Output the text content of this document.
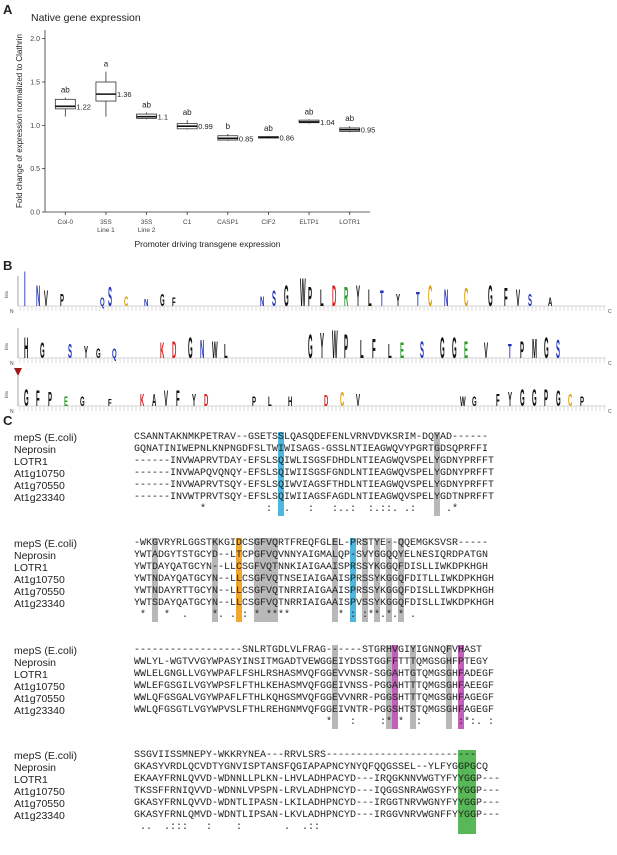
A
Native gene expression
Fold change of expression normalized to Clathrin
0.0
0.5
1.0
1.5
2.0
1.22
ab
Col-0
1.36
a
35S
Line 1
1.1
ab
35S
Line 2
0.99
ab
C1
0.85
b
CASP1
0.86
ab
CIF2
1.04
ab
ELTP1
0.95
ab
LOTR1
Promoter driving transgene expression
B
bits
N	C
I N V P	Q S C N G F	N S G W P L D R Y L T Y T C N C G F V S A
bits
N	C
H G S Y G Q	K D G N W L	G Y W P L F L E S G G E V T P M G S
bits
N	C
G F P E G F	K A V F Y D	P L H	D C V	W G F Y G G P G C P
C
mepS (E.coli)	CSANNTAKNMKPETRAV--GSETSSLQASQDEFENLVRNVDVKSRIM-DQYAD------
Neprosin	GQNATINIWEPNLKNPNGDFSLTWIWISAGS-GSSLNTIEAGWQVYPGRTGDSQPRFFI
LOTR1	------INVWAPRVTDAY-EFSLSQIWLISGSFDHDLNTIEAGWQVSPELYGDNYPRFFT
At1g10750	------INVWAPQVQNQY-EFSLSQIWIISGSFGNDLNTIEAGWQVSPELYGDNYPRFFT
At1g70550	------INVWAPRVTSQY-EFSLSQIWVIAGSFTHDLNTIEAGWQVSPELYGDNYPRFFT
At1g23340	------INVWTPRVTSQY-EFSLSQIWIIAGSFAGDLNTIEAGWQVSPELYGDTNPRFFT
*          :  .   :   :..:  :.::. .:     .*
mepS (E.coli)	-WKGVRYRLGGSTKKGIDCSGFVQRTFREQFGLEL-PRSTYE--QQEMGKSVSR-----
Neprosin	YWTADGYTSTGCYD--LTCPGFVQVNNYAIGMALQP-SVYGGQQYELNESIQRDPATGN
LOTR1	YWTDAYQATGCYN--LLCSGFVQTNNKIAIGAAISPRSSYKGGQFDISLLIWKDPKHGH
At1g10750	YWTNDAYQATGCYN--LLCSGFVQTNSEIAIGAAISPRSSYKGGQFDITLLIWKDPKHGH
At1g70550	YWTNDAYRTTGCYN--LLCSGFVQTNRRIAIGAAISPRSSYKGGQFDISLLIWKDPKHGH
At1g23340	YWTSDAYQATGCYN--LLCSGFVQTNRRIAIGAAISPVSSYKGGQFDISLLIWKDPKHGH
*   *  .    *. . : * ****        * : :**.*.* .
mepS (E.coli)	------------------SNLRTGDLVLFRAG------STGRHVGIYIGNNQFVHAST
Neprosin	WWLYL-WGTVVGYWPASYINSITMGADTVEWGGEIYDSSTGGFFTTTQMGSGHFPTEGY
LOTR1	WWLELGNGLLVGYWPAFLFSHLRSHASMVQFGGEVVNSR-SGGAHTGTQMGSGHFADEGF
At1g10750	WWLEFGSGILVGYWPSFLFTHLKEHASMVQFGGEIVNSS-PGGAHTTTQMGSGHFAEEGF
At1g70550	WWLQFGSGALVGYWPAFLFTHLKQHGSMVQFGGEVVNRR-PGGSHTTTQMGSGHFAGEGF
At1g23340	WWLQFGSGTLVGYWPVSLFTHLREHGNMVQFGGEIVNTR-PGGSHTSTQMGSGHFAGEGF
*   :    :* *  :      :*:. :
mepS (E.coli)	SSGVIISSMNEPY-WKKRYNEA---RRVLSRS-------------------------
Neprosin	GKASYVRDLQCVDTYGNVISPTANSFQGIAPAPNCYNYQFQQGSSEL--YLFYGGPGCQ
LOTR1	EKAAYFRNLQVVD-WDNNLLPLKN-LHVLADHPACYD---IRQGKNNVWGTYFYYGGP---
At1g10750	TKSSFFRNIQVVD-WDNNLVPSPN-LRVLADHPNCYD---IQGGSNRAWGSYFYYGGP---
At1g70550	GKASYFRNLQVVD-WDNTLIPASN-LKILADHPNCYD---IRGGTNRVWGNYFYYGGP---
At1g23340	GKASYFRNLQMVD-WDNTLIPSAN-LKVLADHPNCYD---IRGGVNRVWGNFFYYGGP---
..  .:::   :    :       .  .::
